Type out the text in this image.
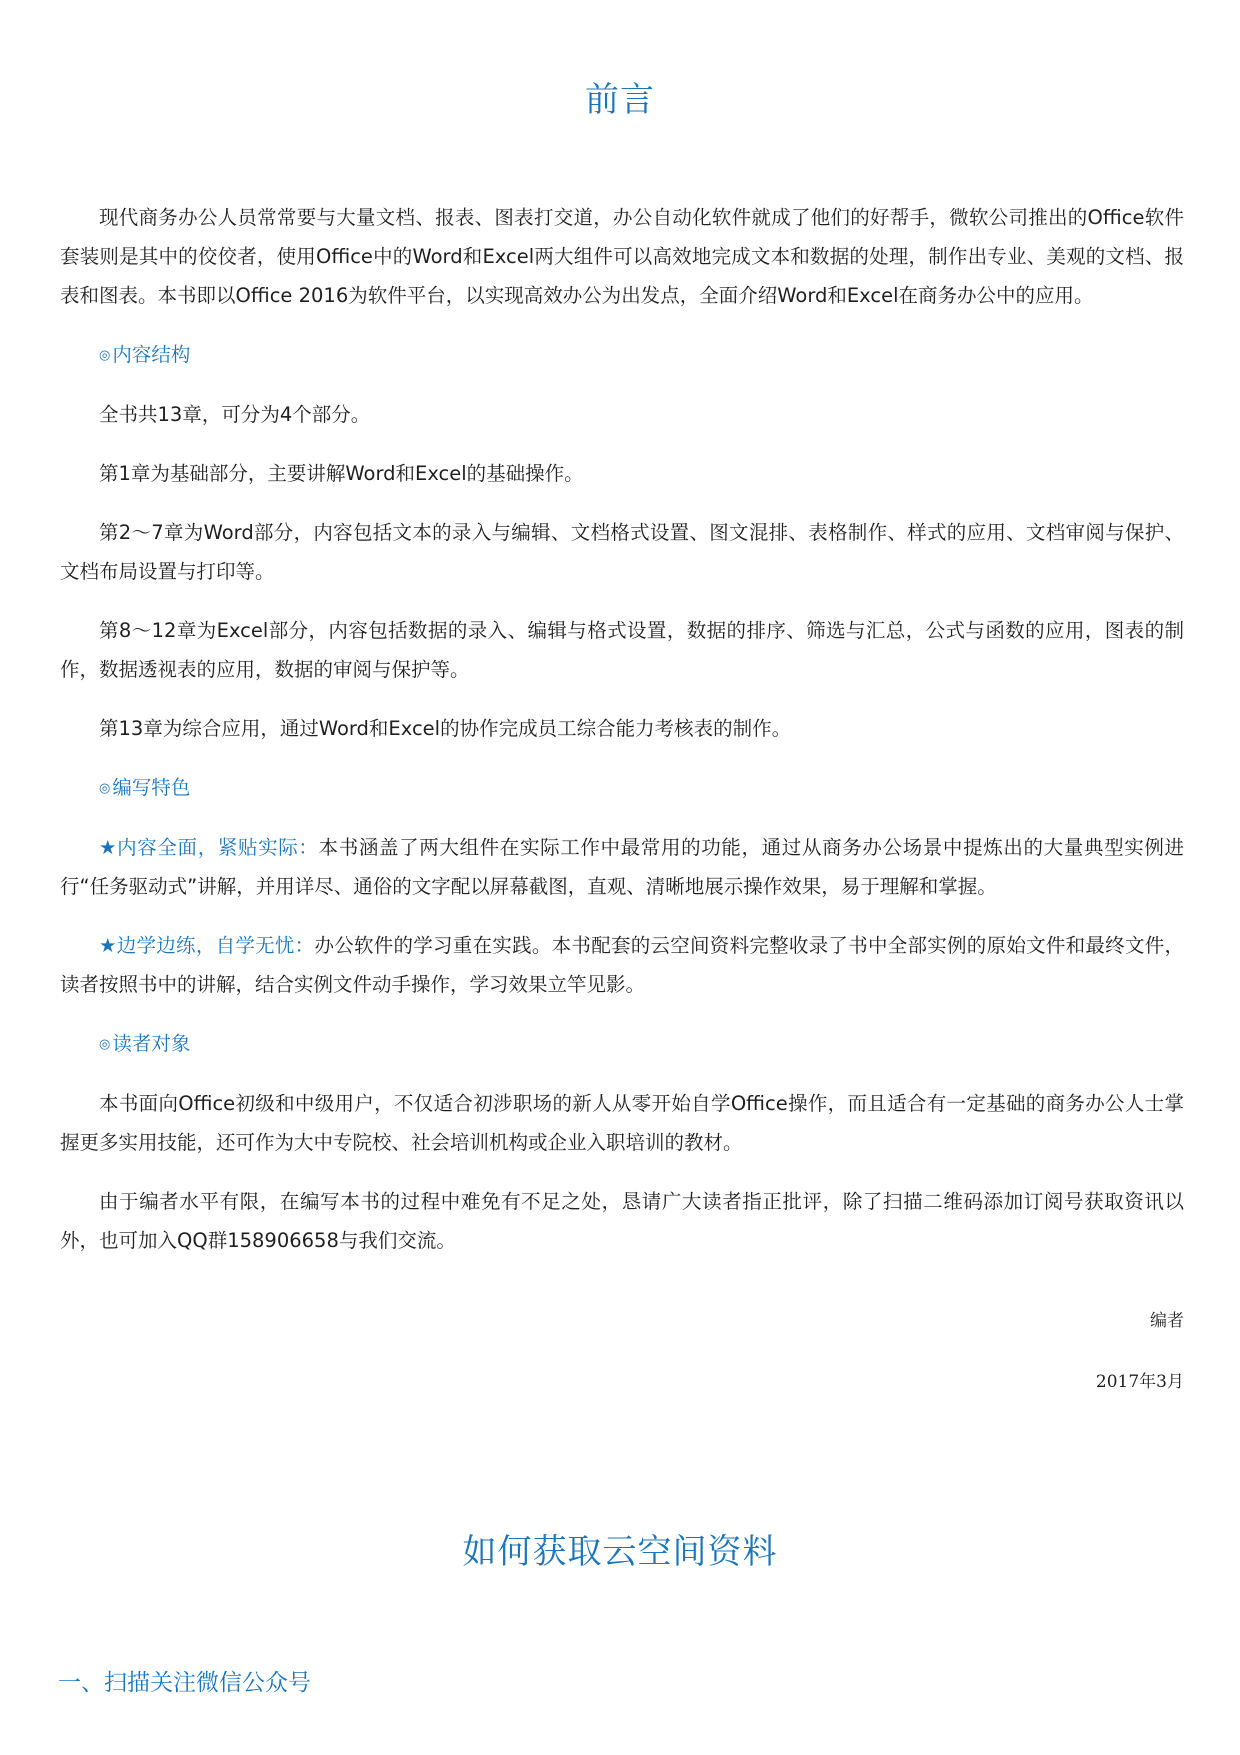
前言

现代商务办公人员常常要与大量文档、报表、图表打交道，办公自动化软件就成了他们的好帮手，微软公司推出的Office软件套装则是其中的佼佼者，使用Office中的Word和Excel两大组件可以高效地完成文本和数据的处理，制作出专业、美观的文档、报表和图表。本书即以Office 2016为软件平台，以实现高效办公为出发点，全面介绍Word和Excel在商务办公中的应用。

◎ 内容结构

全书共13章，可分为4个部分。

第1章为基础部分，主要讲解Word和Excel的基础操作。

第2～7章为Word部分，内容包括文本的录入与编辑、文档格式设置、图文混排、表格制作、样式的应用、文档审阅与保护、文档布局设置与打印等。

第8～12章为Excel部分，内容包括数据的录入、编辑与格式设置，数据的排序、筛选与汇总，公式与函数的应用，图表的制作，数据透视表的应用，数据的审阅与保护等。

第13章为综合应用，通过Word和Excel的协作完成员工综合能力考核表的制作。

◎ 编写特色

★内容全面，紧贴实际：本书涵盖了两大组件在实际工作中最常用的功能，通过从商务办公场景中提炼出的大量典型实例进行“任务驱动式”讲解，并用详尽、通俗的文字配以屏幕截图，直观、清晰地展示操作效果，易于理解和掌握。

★边学边练，自学无忧：办公软件的学习重在实践。本书配套的云空间资料完整收录了书中全部实例的原始文件和最终文件，读者按照书中的讲解，结合实例文件动手操作，学习效果立竿见影。

◎ 读者对象

本书面向Office初级和中级用户，不仅适合初涉职场的新人从零开始自学Office操作，而且适合有一定基础的商务办公人士掌握更多实用技能，还可作为大中专院校、社会培训机构或企业入职培训的教材。

由于编者水平有限，在编写本书的过程中难免有不足之处，恳请广大读者指正批评，除了扫描二维码添加订阅号获取资讯以外，也可加入QQ群158906658与我们交流。

编者
2017年3月
如何获取云空间资料
一、扫描关注微信公众号
